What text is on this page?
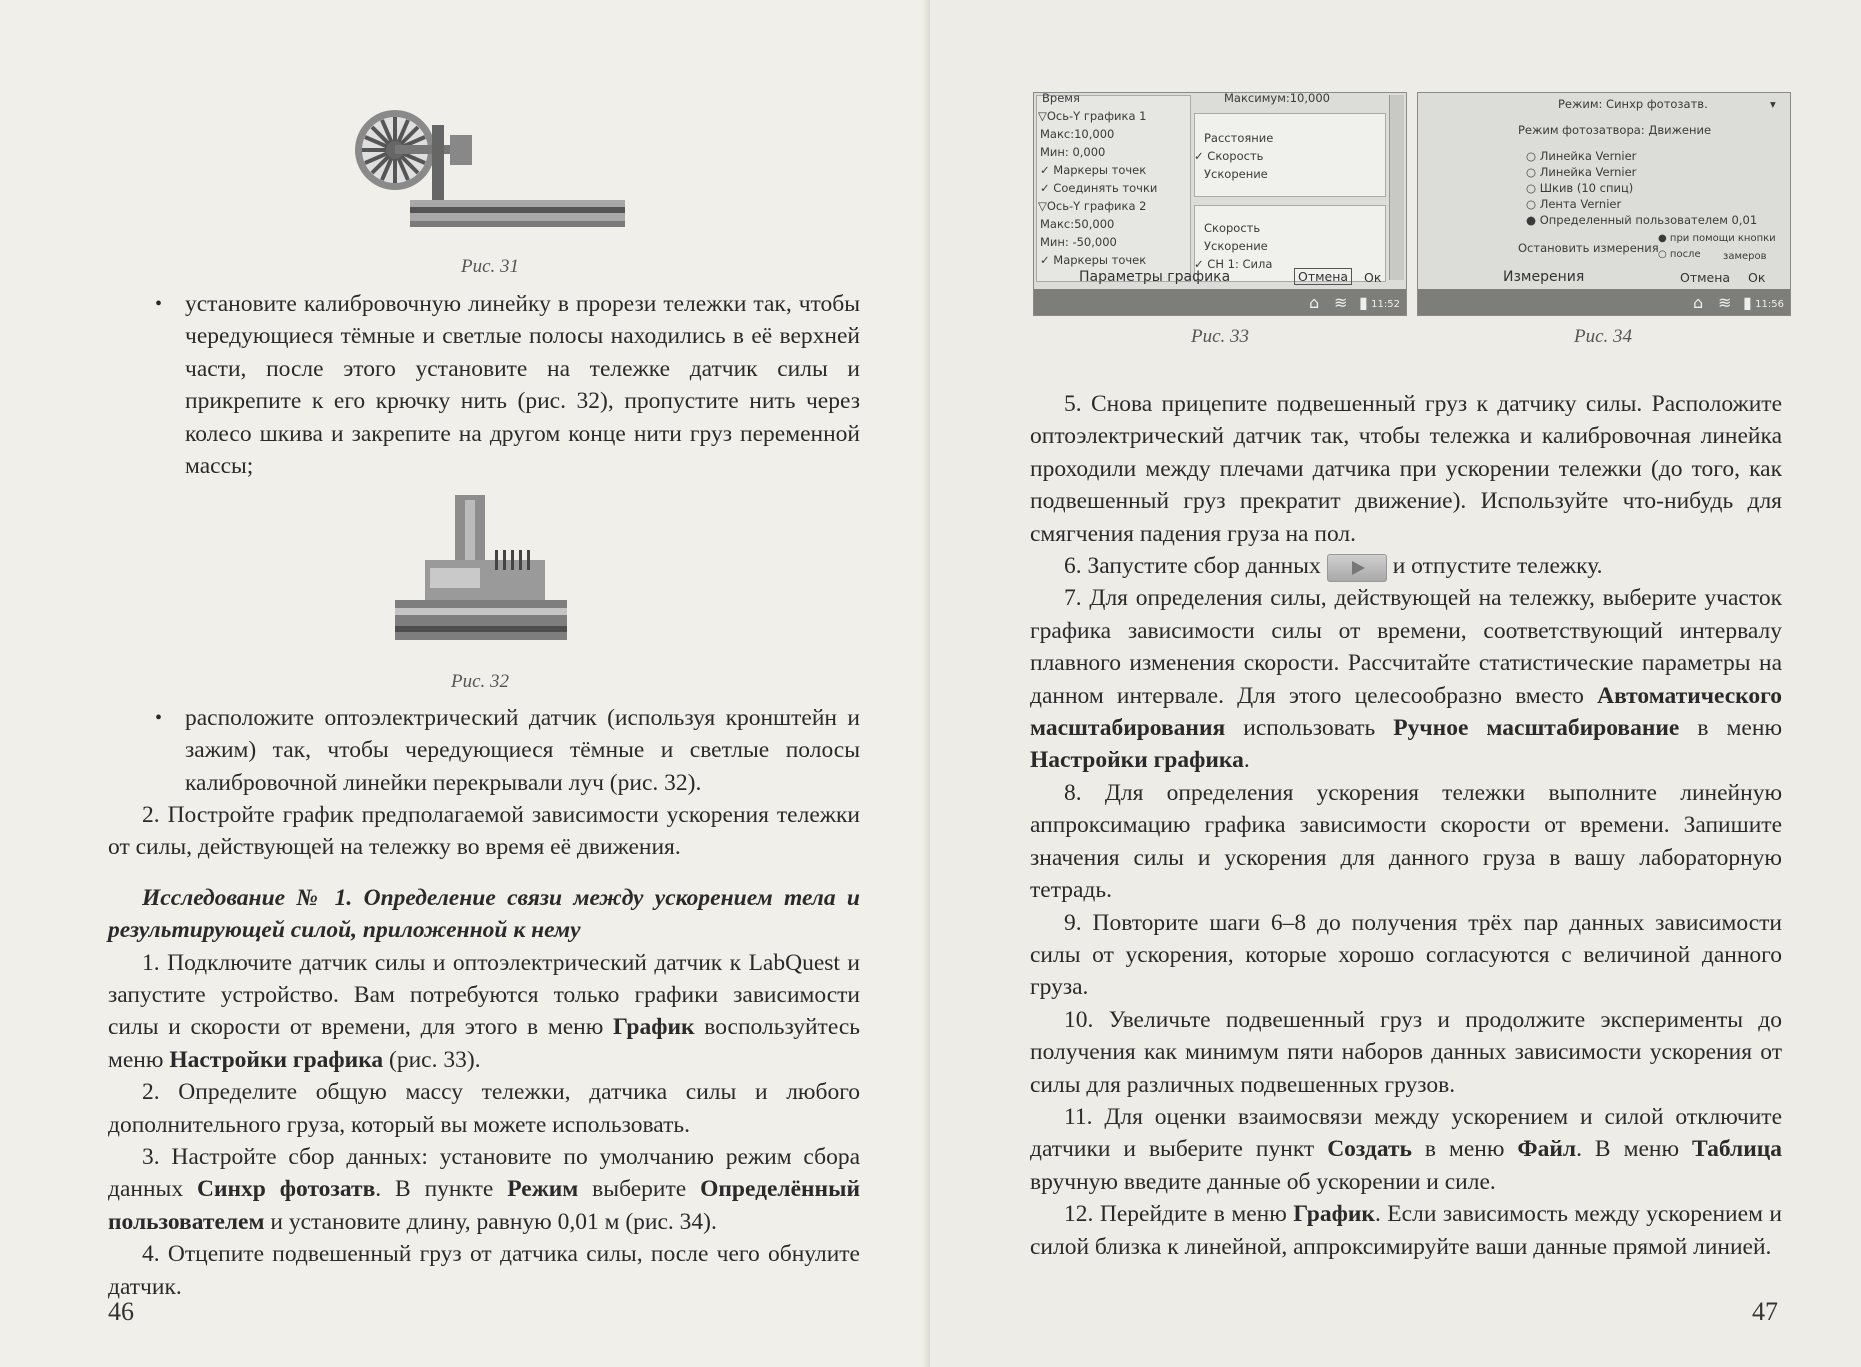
Рис. 31

• установите калибровочную линейку в прорези тележки так, чтобы чередующиеся тёмные и светлые полосы находились в её верхней части, после этого установите на тележке датчик силы и прикрепите к его крючку нить (рис. 32), пропустите нить через колесо шкива и закрепите на другом конце нити груз переменной массы;

Рис. 32

• расположите оптоэлектрический датчик (используя кронштейн и зажим) так, чтобы чередующиеся тёмные и светлые полосы калибровочной линейки перекрывали луч (рис. 32).

2. Постройте график предполагаемой зависимости ускорения тележки от силы, действующей на тележку во время её движения.

Исследование № 1. Определение связи между ускорением тела и результирующей силой, приложенной к нему

1. Подключите датчик силы и оптоэлектрический датчик к LabQuest и запустите устройство. Вам потребуются только графики зависимости силы и скорости от времени, для этого в меню График воспользуйтесь меню Настройки графика (рис. 33).

2. Определите общую массу тележки, датчика силы и любого дополнительного груза, который вы можете использовать.

3. Настройте сбор данных: установите по умолчанию режим сбора данных Синхр фотозатв. В пункте Режим выберите Определённый пользователем и установите длину, равную 0,01 м (рис. 34).

4. Отцепите подвешенный груз от датчика силы, после чего обнулите датчик.

46
Время	Максимум:10,000
▽Ось-Y графика 1
Макс:10,000
Мин: 0,000
✓ Маркеры точек
✓ Соединять точки
▽Ось-Y графика 2
Макс:50,000
Мин: -50,000
✓ Маркеры точек
Расстояние
✓ Скорость
Ускорение
Скорость
Ускорение
✓ CH 1: Сила
Параметры графика	Отмена	Ок
⌂ ≋ ▮ 11:52
Рис. 33
Режим: Синхр фотозатв.	▾
Режим фотозатвора: Движение
○ Линейка Vernier
○ Линейка Vernier
○ Шкив (10 спиц)
○ Лента Vernier
● Определенный пользователем 0,01
Остановить измерения
● при помощи кнопки
○ после замеров
Измерения	Отмена Ок
⌂ ≋ ▮ 11:56
Рис. 34

5. Снова прицепите подвешенный груз к датчику силы. Расположите оптоэлектрический датчик так, чтобы тележка и калибровочная линейка проходили между плечами датчика при ускорении тележки (до того, как подвешенный груз прекратит движение). Используйте что-нибудь для смягчения падения груза на пол.

6. Запустите сбор данных	и отпустите тележку.

7. Для определения силы, действующей на тележку, выберите участок графика зависимости силы от времени, соответствующий интервалу плавного изменения скорости. Рассчитайте статистические параметры на данном интервале. Для этого целесообразно вместо Автоматического масштабирования использовать Ручное масштабирование в меню Настройки графика.

8. Для определения ускорения тележки выполните линейную аппроксимацию графика зависимости скорости от времени. Запишите значения силы и ускорения для данного груза в вашу лабораторную тетрадь.

9. Повторите шаги 6–8 до получения трёх пар данных зависимости силы от ускорения, которые хорошо согласуются с величиной данного груза.

10. Увеличьте подвешенный груз и продолжите эксперименты до получения как минимум пяти наборов данных зависимости ускорения от силы для различных подвешенных грузов.

11. Для оценки взаимосвязи между ускорением и силой отключите датчики и выберите пункт Создать в меню Файл. В меню Таблица вручную введите данные об ускорении и силе.

12. Перейдите в меню График. Если зависимость между ускорением и силой близка к линейной, аппроксимируйте ваши данные прямой линией.

47
